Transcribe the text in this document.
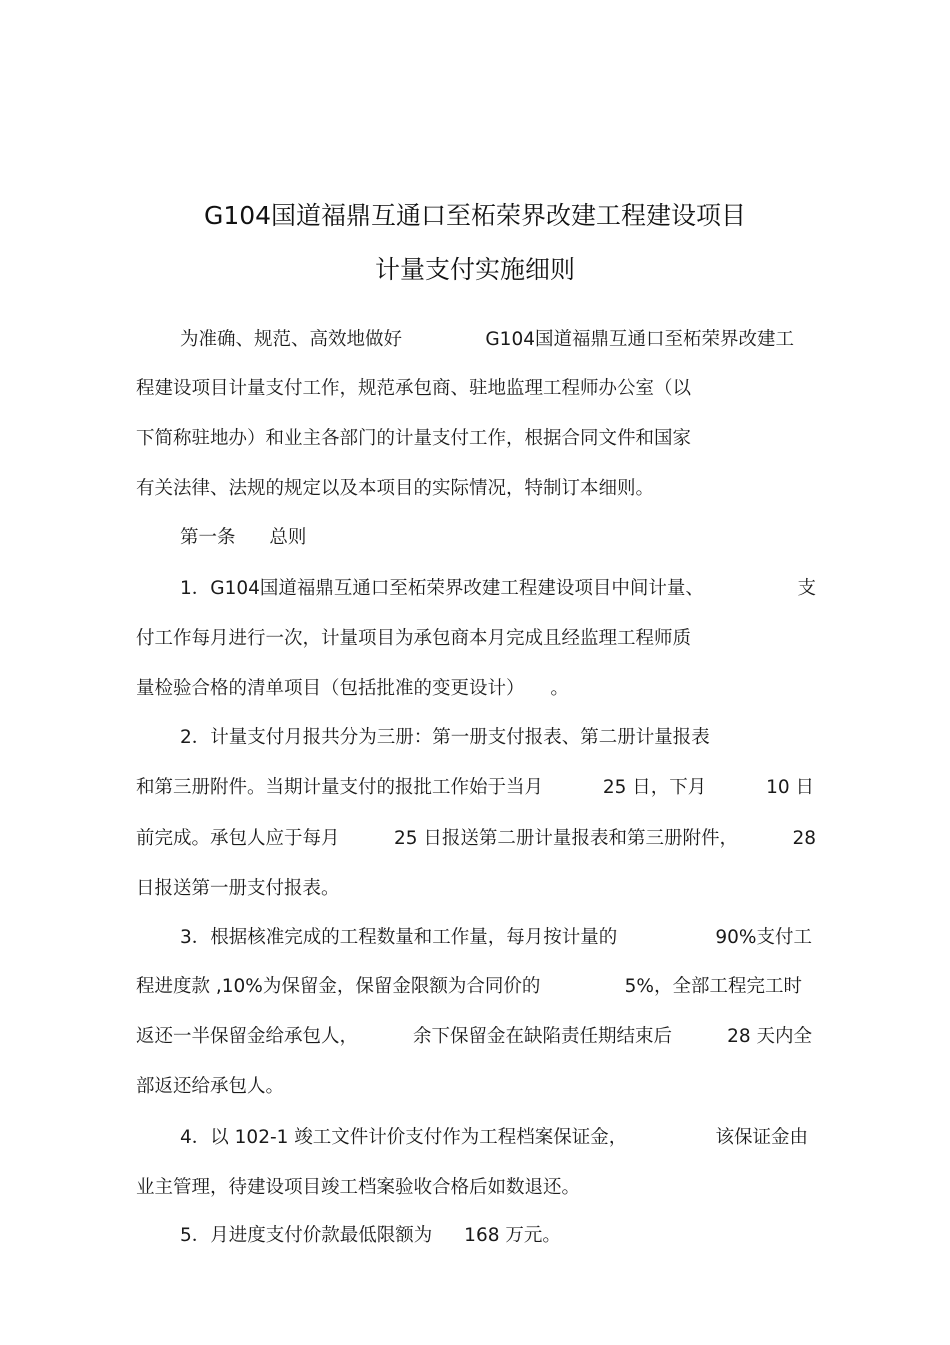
G104国道福鼎互通口至柘荣界改建工程建设项目
计量支付实施细则
为准确、规范、高效地做好	G104国道福鼎互通口至柘荣界改建工
程建设项目计量支付工作，规范承包商、驻地监理工程师办公室（以
下简称驻地办）和业主各部门的计量支付工作，根据合同文件和国家
有关法律、法规的规定以及本项目的实际情况，特制订本细则。
第一条 总则
1．G104国道福鼎互通口至柘荣界改建工程建设项目中间计量、	支
付工作每月进行一次，计量项目为承包商本月完成且经监理工程师质
量检验合格的清单项目（包括批准的变更设计） 。
2．计量支付月报共分为三册：第一册支付报表、第二册计量报表
和第三册附件。当期计量支付的报批工作始于当月	25 日，下月	10 日
前完成。承包人应于每月	25 日报送第二册计量报表和第三册附件，	28
日报送第一册支付报表。
3．根据核准完成的工程数量和工作量，每月按计量的	90%支付工
程进度款 ,10%为保留金，保留金限额为合同价的	5%，全部工程完工时
返还一半保留金给承包人，	余下保留金在缺陷责任期结束后	28 天内全
部返还给承包人。
4．以 102-1 竣工文件计价支付作为工程档案保证金，	该保证金由
业主管理，待建设项目竣工档案验收合格后如数退还。
5．月进度支付价款最低限额为 168 万元。
